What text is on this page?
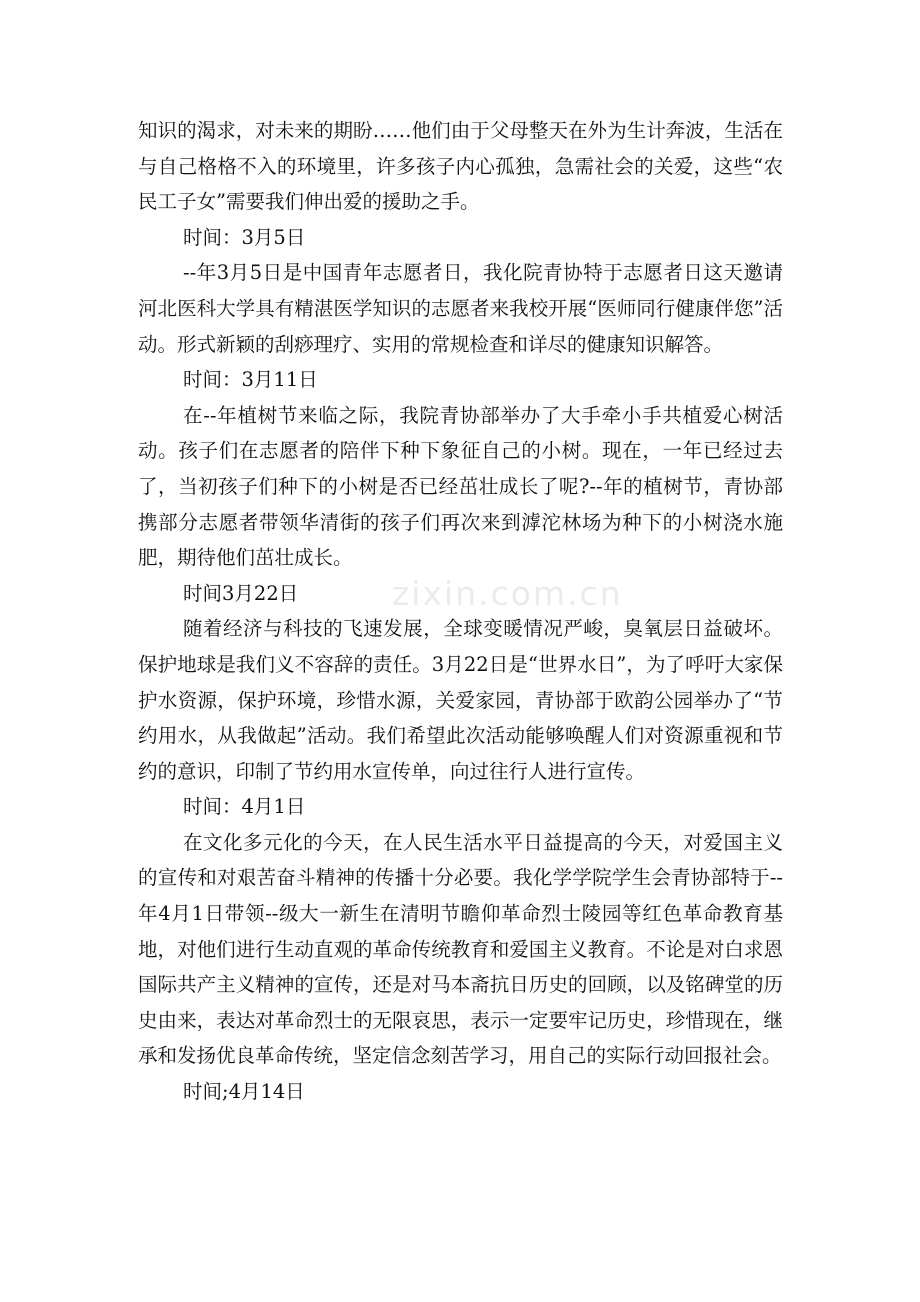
知识的渴求，对未来的期盼……他们由于父母整天在外为生计奔波，生活在与自己格格不入的环境里，许多孩子内心孤独，急需社会的关爱，这些“农民工子女”需要我们伸出爱的援助之手。

时间：3月5日

--年3月5日是中国青年志愿者日，我化院青协特于志愿者日这天邀请河北医科大学具有精湛医学知识的志愿者来我校开展“医师同行健康伴您”活动。形式新颖的刮痧理疗、实用的常规检查和详尽的健康知识解答。

时间：3月11日

在--年植树节来临之际，我院青协部举办了大手牵小手共植爱心树活动。孩子们在志愿者的陪伴下种下象征自己的小树。现在，一年已经过去了，当初孩子们种下的小树是否已经茁壮成长了呢?--年的植树节，青协部携部分志愿者带领华清街的孩子们再次来到滹沱林场为种下的小树浇水施肥，期待他们茁壮成长。

时间3月22日

随着经济与科技的飞速发展，全球变暖情况严峻，臭氧层日益破坏。保护地球是我们义不容辞的责任。3月22日是“世界水日”，为了呼吁大家保护水资源，保护环境，珍惜水源，关爱家园，青协部于欧韵公园举办了“节约用水，从我做起”活动。我们希望此次活动能够唤醒人们对资源重视和节约的意识，印制了节约用水宣传单，向过往行人进行宣传。

时间：4月1日

在文化多元化的今天，在人民生活水平日益提高的今天，对爱国主义的宣传和对艰苦奋斗精神的传播十分必要。我化学学院学生会青协部特于--年4月1日带领--级大一新生在清明节瞻仰革命烈士陵园等红色革命教育基地，对他们进行生动直观的革命传统教育和爱国主义教育。不论是对白求恩国际共产主义精神的宣传，还是对马本斋抗日历史的回顾，以及铭碑堂的历史由来，表达对革命烈士的无限哀思，表示一定要牢记历史，珍惜现在，继承和发扬优良革命传统，坚定信念刻苦学习，用自己的实际行动回报社会。

时间;4月14日

zixin.com.cn
